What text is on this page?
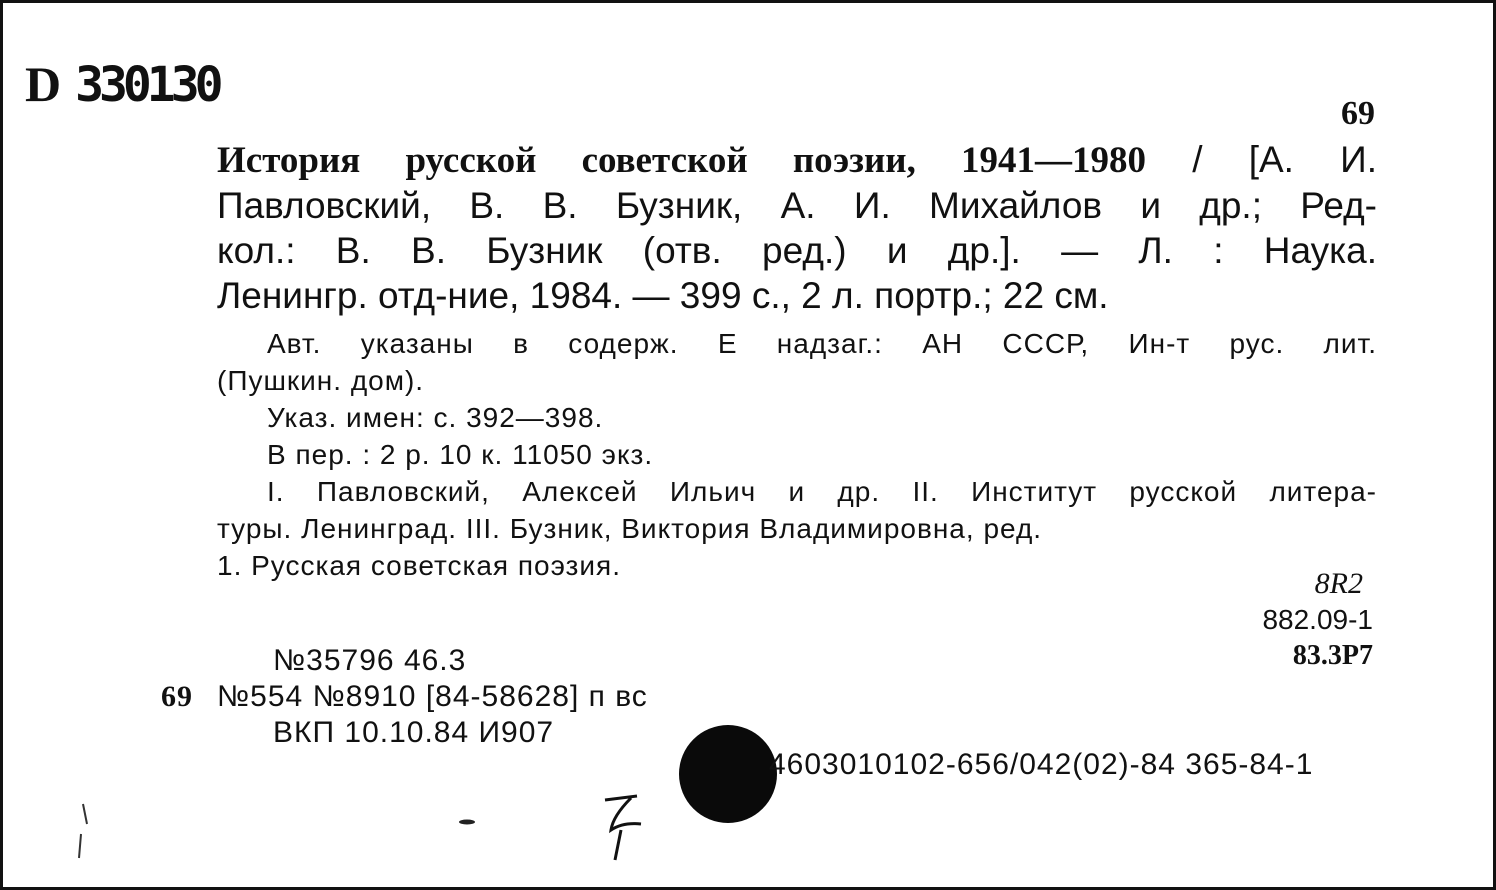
D 330130
69
История русской советской поэзии, 1941—1980 / [А. И.
Павловский, В. В. Бузник, А. И. Михайлов и др.; Ред-
кол.: В. В. Бузник (отв. ред.) и др.]. — Л. : Наука.
Ленингр. отд-ние, 1984. — 399 с., 2 л. портр.; 22 см.
Авт. указаны в содерж. Е надзаг.: АН СССР, Ин-т рус. лит.
(Пушкин. дом).
Указ. имен: с. 392—398.
В пер. : 2 р. 10 к. 11050 экз.
I. Павловский, Алексей Ильич и др. II. Институт русской литера-
туры. Ленинград. III. Бузник, Виктория Владимировна, ред.
1. Русская советская поэзия.
8R2
882.09-1
83.3Р7
№35796 46.3
69 №554 №8910 [84-58628] п вс
ВКП 10.10.84 И907
4603010102-656/042(02)-84 365-84-1
